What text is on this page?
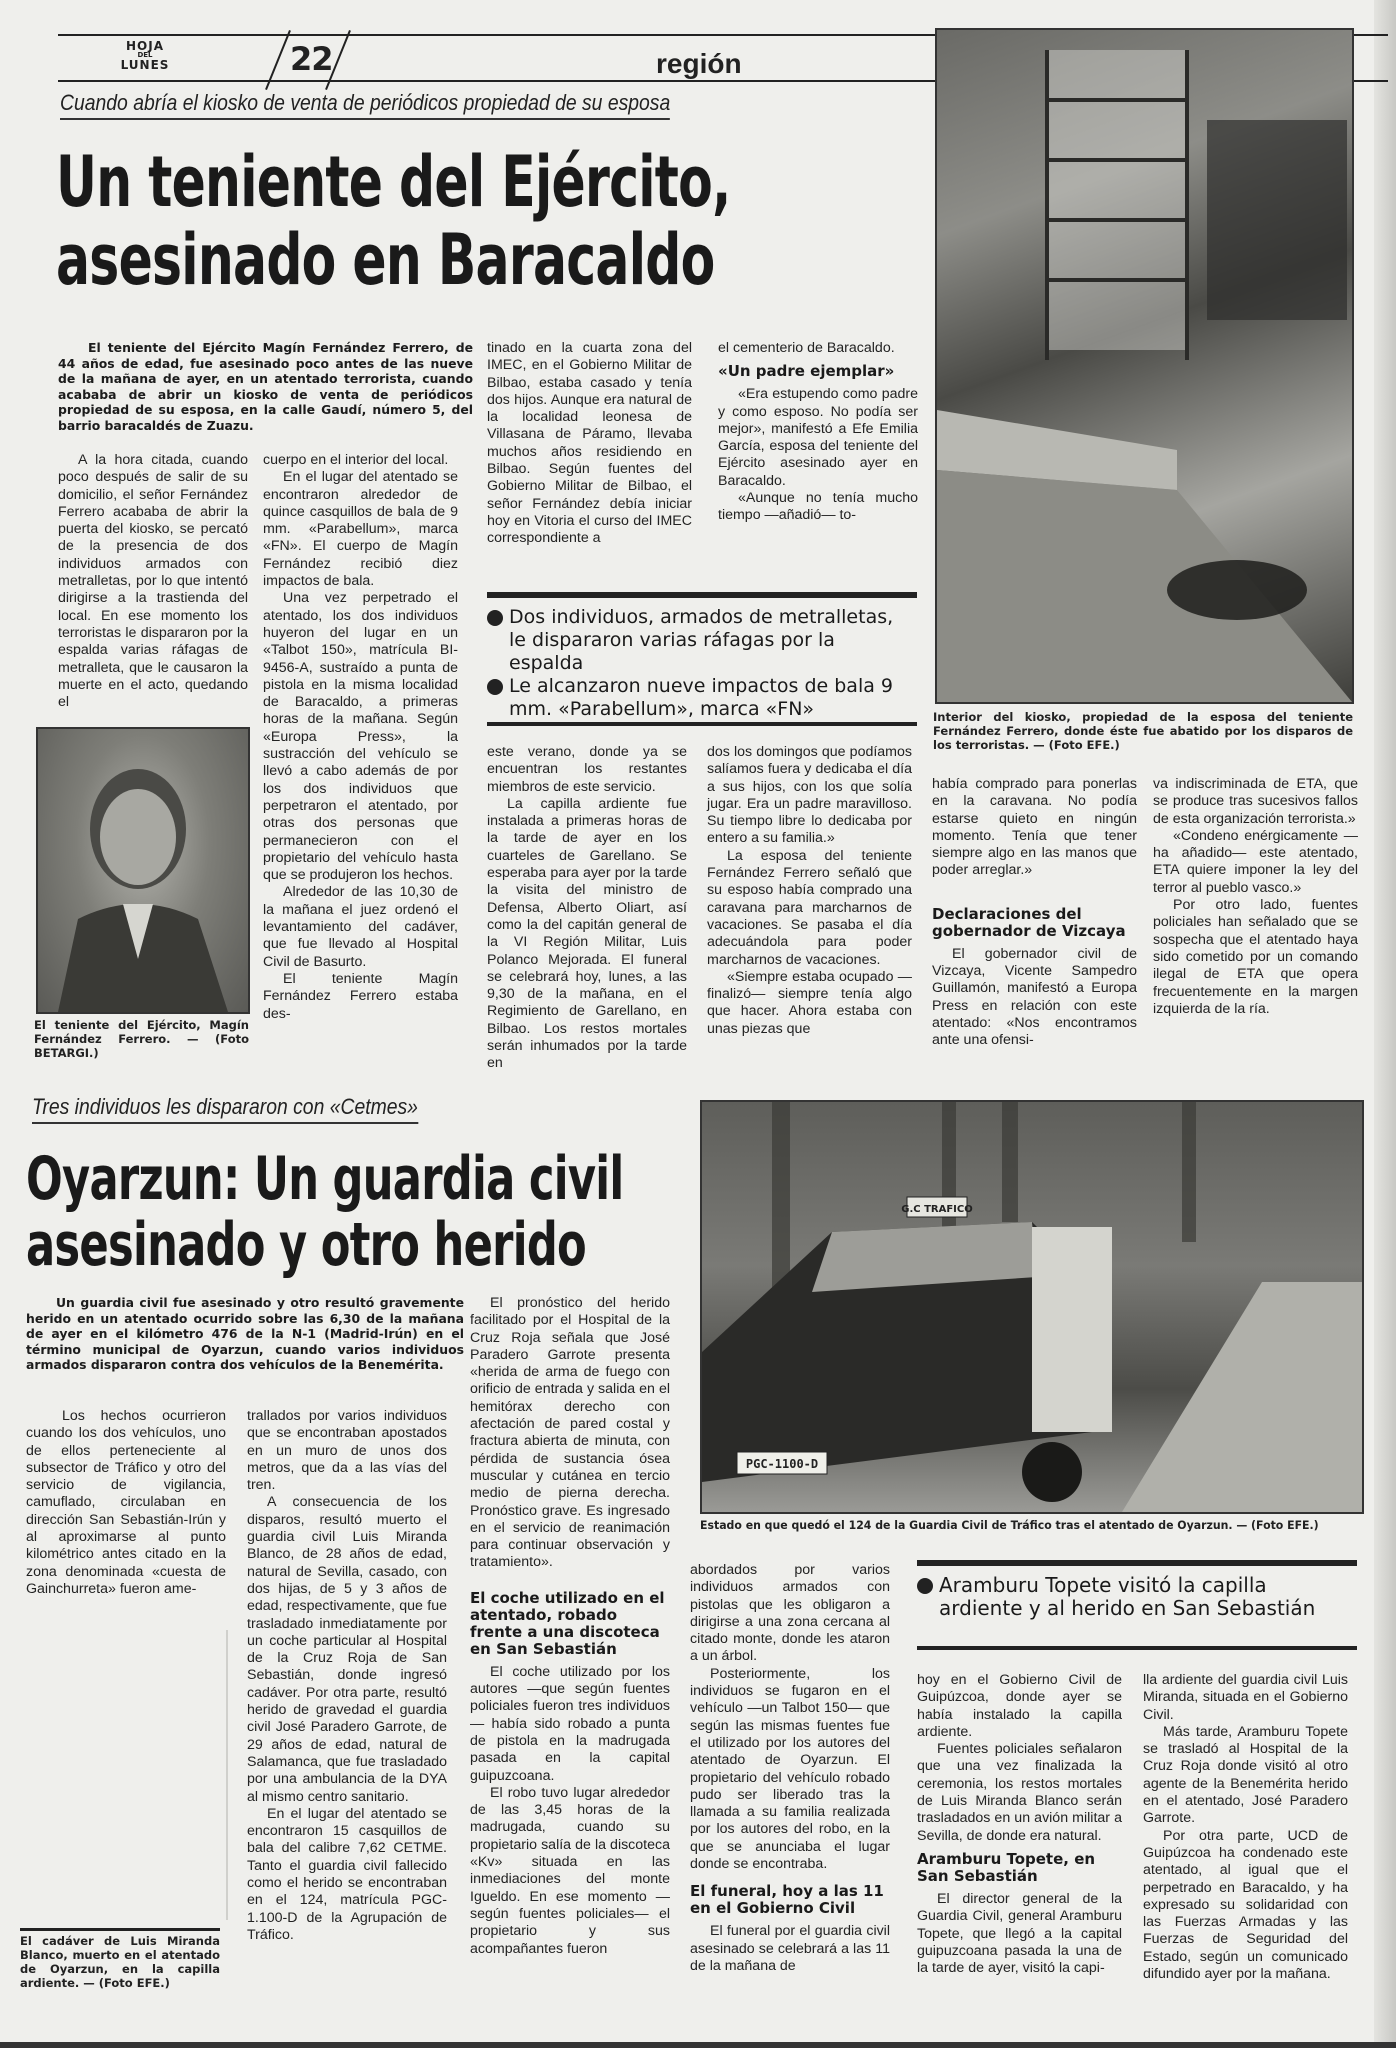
HOJA
DEL
LUNES	22	región
Cuando abría el kiosko de venta de periódicos propiedad de su esposa
Un teniente del Ejército,
asesinado en Baracaldo
El teniente del Ejército Magín Fernández Ferrero, de 44 años de edad, fue asesinado poco antes de las nueve de la mañana de ayer, en un atentado terrorista, cuando acababa de abrir un kiosko de venta de periódicos propiedad de su esposa, en la calle Gaudí, número 5, del barrio baracaldés de Zuazu.

A la hora citada, cuando poco después de salir de su domicilio, el señor Fernández Ferrero acababa de abrir la puerta del kiosko, se percató de la presencia de dos individuos armados con metralletas, por lo que intentó dirigirse a la trastienda del local. En ese momento los terroristas le dispararon por la espalda varias ráfagas de metralleta, que le causaron la muerte en el acto, quedando el

cuerpo en el interior del local.

En el lugar del atentado se encontraron alrededor de quince casquillos de bala de 9 mm. «Parabellum», marca «FN». El cuerpo de Magín Fernández recibió diez impactos de bala.

Una vez perpetrado el atentado, los dos individuos huyeron del lugar en un «Talbot 150», matrícula BI-9456-A, sustraído a punta de pistola en la misma localidad de Baracaldo, a primeras horas de la mañana. Según «Europa Press», la sustracción del vehículo se llevó a cabo además de por los dos individuos que perpetraron el atentado, por otras dos personas que permanecieron con el propietario del vehículo hasta que se produjeron los hechos.

Alrededor de las 10,30 de la mañana el juez ordenó el levantamiento del cadáver, que fue llevado al Hospital Civil de Basurto.

El teniente Magín Fernández Ferrero estaba des-

tinado en la cuarta zona del IMEC, en el Gobierno Militar de Bilbao, estaba casado y tenía dos hijos. Aunque era natural de la localidad leonesa de Villasana de Páramo, llevaba muchos años residiendo en Bilbao. Según fuentes del Gobierno Militar de Bilbao, el señor Fernández debía iniciar hoy en Vitoria el curso del IMEC correspondiente a

el cementerio de Baracaldo.

«Un padre ejemplar»

«Era estupendo como padre y como esposo. No podía ser mejor», manifestó a Efe Emilia García, esposa del teniente del Ejército asesinado ayer en Baracaldo.

«Aunque no tenía mucho tiempo —añadió— to-

Dos individuos, armados de metralletas, le dispararon varias ráfagas por la espalda
Le alcanzaron nueve impactos de bala 9 mm. «Parabellum», marca «FN»

este verano, donde ya se encuentran los restantes miembros de este servicio.

La capilla ardiente fue instalada a primeras horas de la tarde de ayer en los cuarteles de Garellano. Se esperaba para ayer por la tarde la visita del ministro de Defensa, Alberto Oliart, así como la del capitán general de la VI Región Militar, Luis Polanco Mejorada. El funeral se celebrará hoy, lunes, a las 9,30 de la mañana, en el Regimiento de Garellano, en Bilbao. Los restos mortales serán inhumados por la tarde en

dos los domingos que podíamos salíamos fuera y dedicaba el día a sus hijos, con los que solía jugar. Era un padre maravilloso. Su tiempo libre lo dedicaba por entero a su familia.»

La esposa del teniente Fernández Ferrero señaló que su esposo había comprado una caravana para marcharnos de vacaciones. Se pasaba el día adecuándola para poder marcharnos de vacaciones.

«Siempre estaba ocupado —finalizó— siempre tenía algo que hacer. Ahora estaba con unas piezas que

Interior del kiosko, propiedad de la esposa del teniente Fernández Ferrero, donde éste fue abatido por los disparos de los terroristas. — (Foto EFE.)

había comprado para ponerlas en la caravana. No podía estarse quieto en ningún momento. Tenía que tener siempre algo en las manos que poder arreglar.»

Declaraciones del gobernador de Vizcaya

El gobernador civil de Vizcaya, Vicente Sampedro Guillamón, manifestó a Europa Press en relación con este atentado: «Nos encontramos ante una ofensi-

va indiscriminada de ETA, que se produce tras sucesivos fallos de esta organización terrorista.»

«Condeno enérgicamente —ha añadido— este atentado, ETA quiere imponer la ley del terror al pueblo vasco.»

Por otro lado, fuentes policiales han señalado que se sospecha que el atentado haya sido cometido por un comando ilegal de ETA que opera frecuentemente en la margen izquierda de la ría.

El teniente del Ejército, Magín Fernández Ferrero. — (Foto BETARGI.)
Tres individuos les dispararon con «Cetmes»
Oyarzun: Un guardia civil
asesinado y otro herido
Un guardia civil fue asesinado y otro resultó gravemente herido en un atentado ocurrido sobre las 6,30 de la mañana de ayer en el kilómetro 476 de la N-1 (Madrid-Irún) en el término municipal de Oyarzun, cuando varios individuos armados dispararon contra dos vehículos de la Benemérita.

Los hechos ocurrieron cuando los dos vehículos, uno de ellos perteneciente al subsector de Tráfico y otro del servicio de vigilancia, camuflado, circulaban en dirección San Sebastián-Irún y al aproximarse al punto kilométrico antes citado en la zona denominada «cuesta de Gainchurreta» fueron ame-

El cadáver de Luis Miranda Blanco, muerto en el atentado de Oyarzun, en la capilla ardiente. — (Foto EFE.)

trallados por varios individuos que se encontraban apostados en un muro de unos dos metros, que da a las vías del tren.

A consecuencia de los disparos, resultó muerto el guardia civil Luis Miranda Blanco, de 28 años de edad, natural de Sevilla, casado, con dos hijas, de 5 y 3 años de edad, respectivamente, que fue trasladado inmediatamente por un coche particular al Hospital de la Cruz Roja de San Sebastián, donde ingresó cadáver. Por otra parte, resultó herido de gravedad el guardia civil José Paradero Garrote, de 29 años de edad, natural de Salamanca, que fue trasladado por una ambulancia de la DYA al mismo centro sanitario.

En el lugar del atentado se encontraron 15 casquillos de bala del calibre 7,62 CETME. Tanto el guardia civil fallecido como el herido se encontraban en el 124, matrícula PGC-1.100-D de la Agrupación de Tráfico.

El pronóstico del herido facilitado por el Hospital de la Cruz Roja señala que José Paradero Garrote presenta «herida de arma de fuego con orificio de entrada y salida en el hemitórax derecho con afectación de pared costal y fractura abierta de minuta, con pérdida de sustancia ósea muscular y cutánea en tercio medio de pierna derecha. Pronóstico grave. Es ingresado en el servicio de reanimación para continuar observación y tratamiento».

El coche utilizado en el atentado, robado frente a una discoteca en San Sebastián

El coche utilizado por los autores —que según fuentes policiales fueron tres individuos— había sido robado a punta de pistola en la madrugada pasada en la capital guipuzcoana.

El robo tuvo lugar alrededor de las 3,45 horas de la madrugada, cuando su propietario salía de la discoteca «Kv» situada en las inmediaciones del monte Igueldo. En ese momento —según fuentes policiales— el propietario y sus acompañantes fueron

G.C TRAFICO
PGC-1100-D
Estado en que quedó el 124 de la Guardia Civil de Tráfico tras el atentado de Oyarzun. — (Foto EFE.)

abordados por varios individuos armados con pistolas que les obligaron a dirigirse a una zona cercana al citado monte, donde les ataron a un árbol.

Posteriormente, los individuos se fugaron en el vehículo —un Talbot 150— que según las mismas fuentes fue el utilizado por los autores del atentado de Oyarzun. El propietario del vehículo robado pudo ser liberado tras la llamada a su familia realizada por los autores del robo, en la que se anunciaba el lugar donde se encontraba.

El funeral, hoy a las 11 en el Gobierno Civil

El funeral por el guardia civil asesinado se celebrará a las 11 de la mañana de

Aramburu Topete visitó la capilla ardiente y al herido en San Sebastián

hoy en el Gobierno Civil de Guipúzcoa, donde ayer se había instalado la capilla ardiente.

Fuentes policiales señalaron que una vez finalizada la ceremonia, los restos mortales de Luis Miranda Blanco serán trasladados en un avión militar a Sevilla, de donde era natural.

Aramburu Topete, en San Sebastián

El director general de la Guardia Civil, general Aramburu Topete, que llegó a la capital guipuzcoana pasada la una de la tarde de ayer, visitó la capi-

lla ardiente del guardia civil Luis Miranda, situada en el Gobierno Civil.

Más tarde, Aramburu Topete se trasladó al Hospital de la Cruz Roja donde visitó al otro agente de la Benemérita herido en el atentado, José Paradero Garrote.

Por otra parte, UCD de Guipúzcoa ha condenado este atentado, al igual que el perpetrado en Baracaldo, y ha expresado su solidaridad con las Fuerzas Armadas y las Fuerzas de Seguridad del Estado, según un comunicado difundido ayer por la mañana.
